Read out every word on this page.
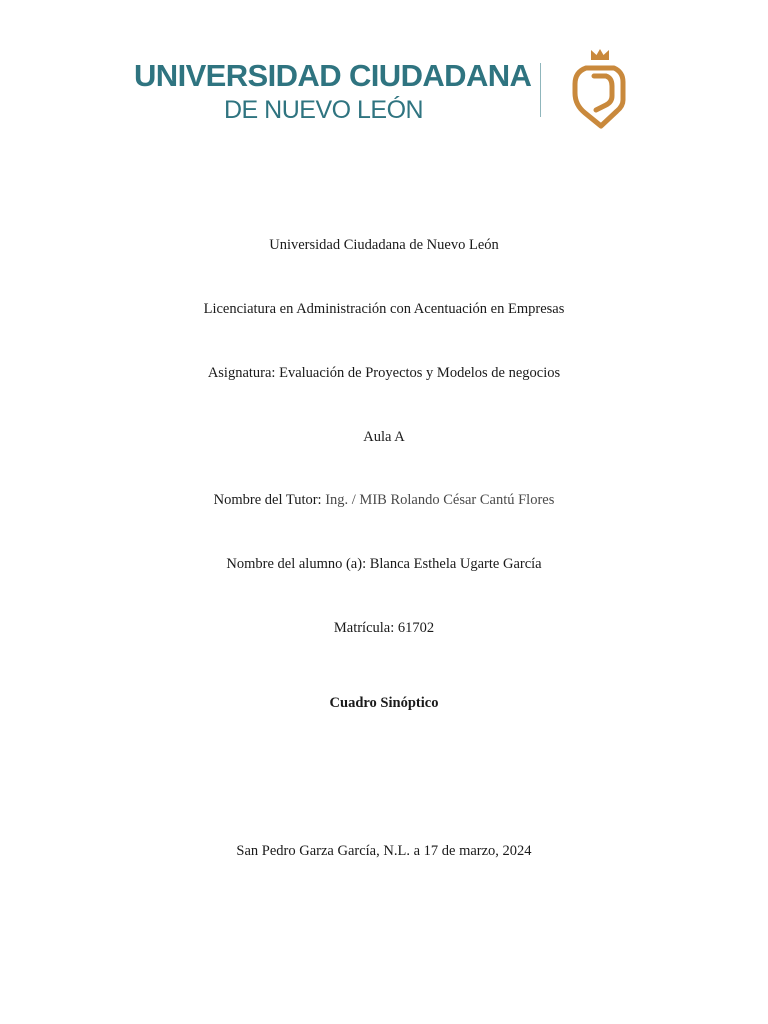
UNIVERSIDAD CIUDADANA
DE NUEVO LEÓN
Universidad Ciudadana de Nuevo León
Licenciatura en Administración con Acentuación en Empresas
Asignatura: Evaluación de Proyectos y Modelos de negocios
Aula A
Nombre del Tutor: Ing. / MIB Rolando César Cantú Flores
Nombre del alumno (a): Blanca Esthela Ugarte García
Matrícula: 61702
Cuadro Sinóptico
San Pedro Garza García, N.L. a 17 de marzo, 2024
